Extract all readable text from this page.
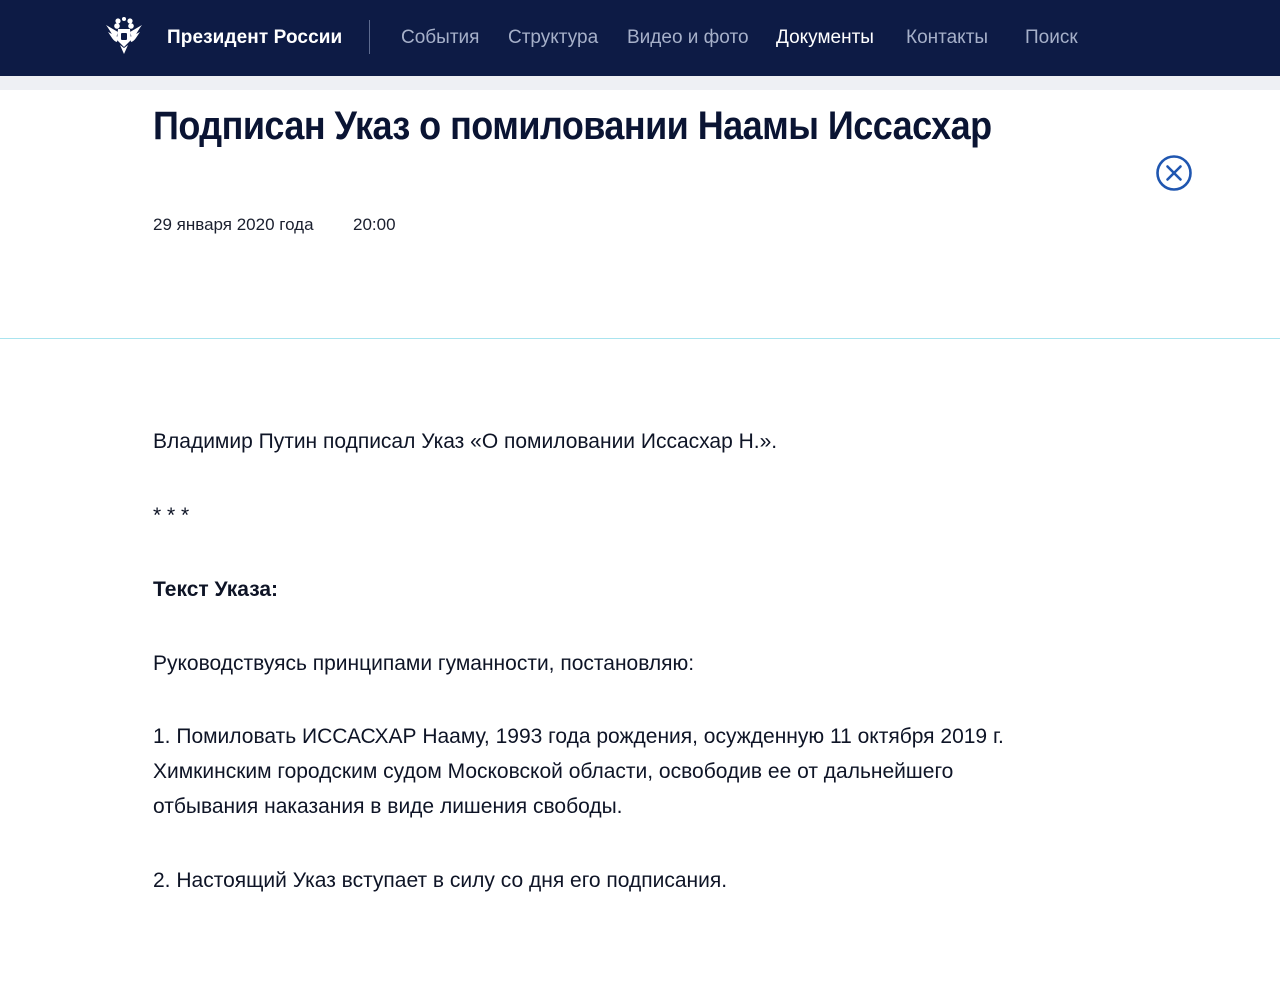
Президент России	События Структура Видео и фото Документы Контакты Поиск
Подписан Указ о помиловании Наамы Иссасхар
29 января 2020 года 20:00

Владимир Путин подписал Указ «О помиловании Иссасхар Н.».

* * *

Текст Указа:

Руководствуясь принципами гуманности, постановляю:

1. Помиловать ИССАСХАР Нааму, 1993 года рождения, осужденную 11 октября 2019 г.

Химкинским городским судом Московской области, освободив ее от дальнейшего

отбывания наказания в виде лишения свободы.

2. Настоящий Указ вступает в силу со дня его подписания.
